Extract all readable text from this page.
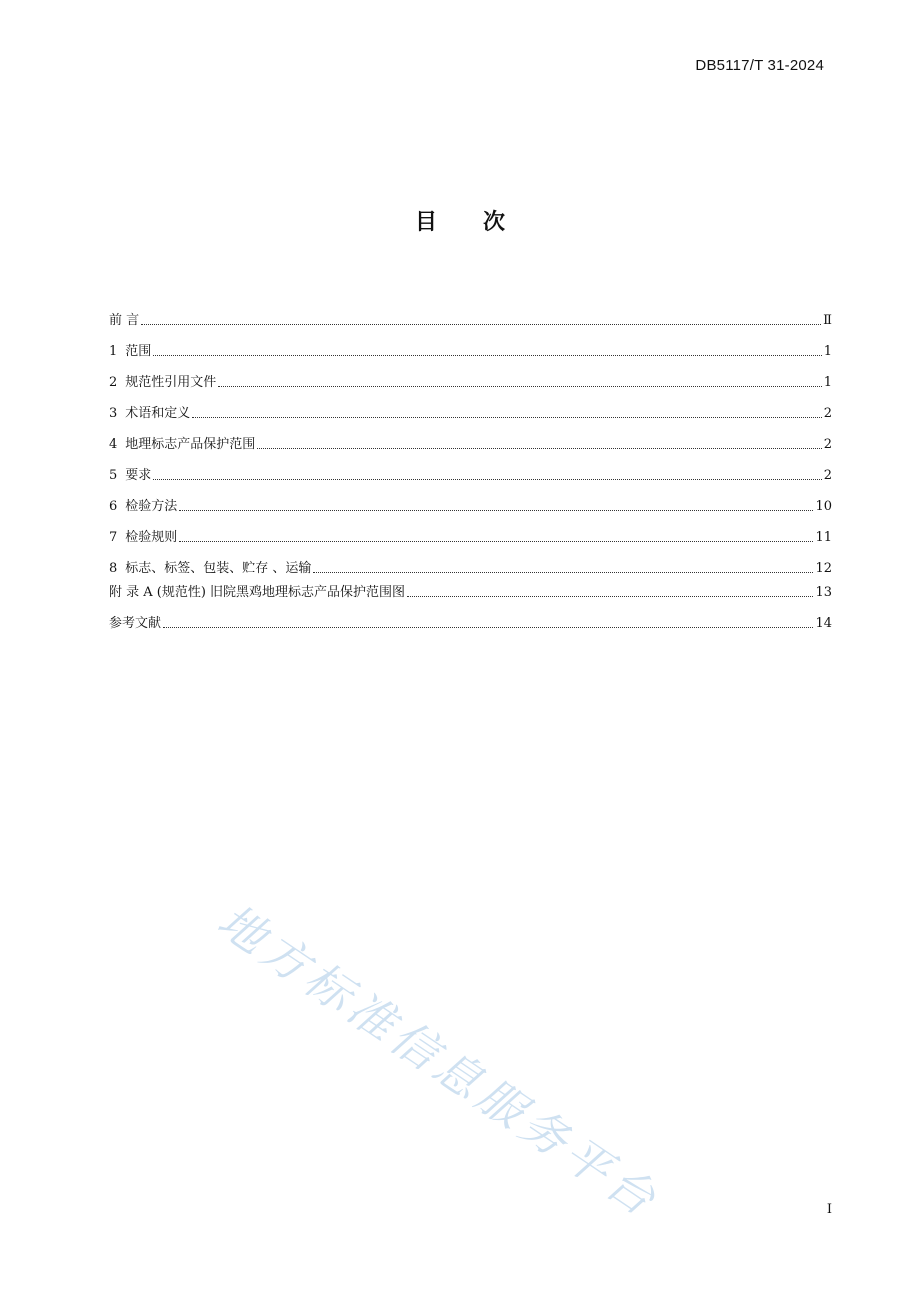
DB5117/T 31-2024
目 次
前 言	Ⅱ
1 范围	1
2 规范性引用文件	1
3 术语和定义	2
4 地理标志产品保护范围	2
5 要求	2
6 检验方法	10
7 检验规则	11
8 标志、标签、包装、贮存 、运输	12
附 录 A (规范性) 旧院黑鸡地理标志产品保护范围图	13
参考文献	14
地方标准信息服务平台	I
